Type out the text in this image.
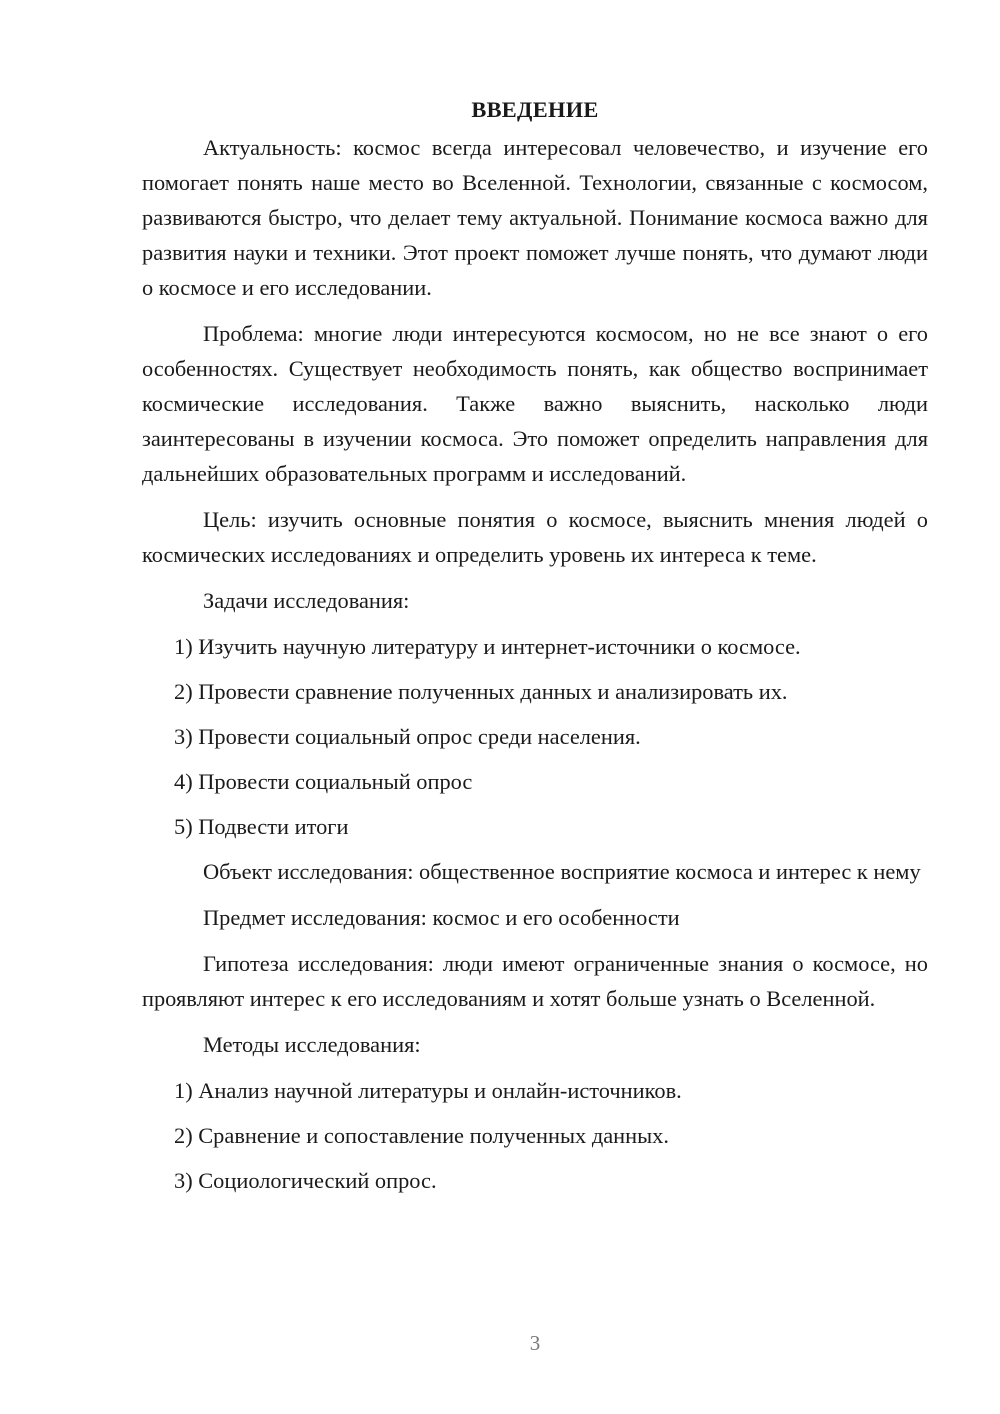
ВВЕДЕНИЕ

Актуальность: космос всегда интересовал человечество, и изучение его помогает понять наше место во Вселенной. Технологии, связанные с космосом, развиваются быстро, что делает тему актуальной. Понимание космоса важно для развития науки и техники. Этот проект поможет лучше понять, что думают люди о космосе и его исследовании.

Проблема: многие люди интересуются космосом, но не все знают о его особенностях. Существует необходимость понять, как общество воспринимает космические исследования. Также важно выяснить, насколько люди заинтересованы в изучении космоса. Это поможет определить направления для дальнейших образовательных программ и исследований.

Цель: изучить основные понятия о космосе, выяснить мнения людей о космических исследованиях и определить уровень их интереса к теме.

Задачи исследования:

1) Изучить научную литературу и интернет-источники о космосе.
2) Провести сравнение полученных данных и анализировать их.
3) Провести социальный опрос среди населения.
4) Провести социальный опрос
5) Подвести итоги

Объект исследования: общественное восприятие космоса и интерес к нему

Предмет исследования: космос и его особенности

Гипотеза исследования: люди имеют ограниченные знания о космосе, но проявляют интерес к его исследованиям и хотят больше узнать о Вселенной.

Методы исследования:

1) Анализ научной литературы и онлайн-источников.
2) Сравнение и сопоставление полученных данных.
3) Социологический опрос.
3
